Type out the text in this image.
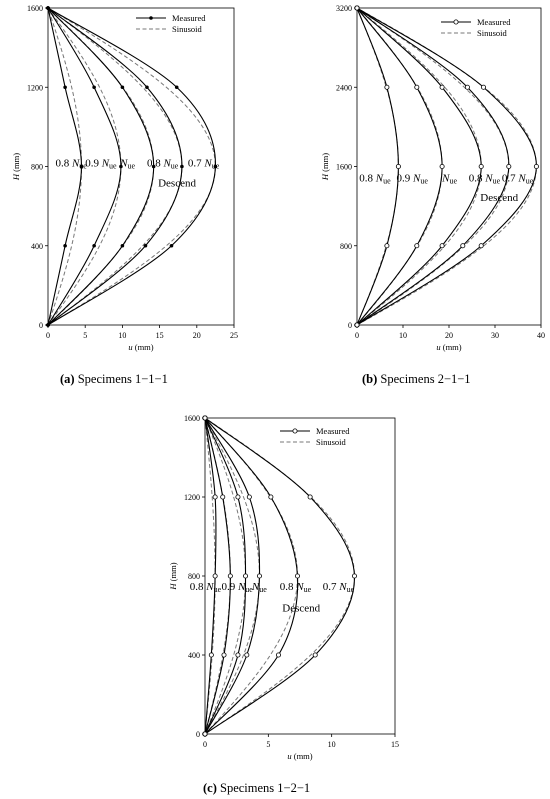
0	5	10	15	20	25
0
400
800
1200
1600
u (mm)
H (mm)	0.8 Nue
0.9 Nue Nue 0.8 Nue 0.7 Nue
Descend
Measured
Sinusoid
0	10	20	30	40
0
800
1600
2400
3200
u (mm)
H (mm)
0.8 Nue 0.9 Nue Nue 0.8 Nue 0.7 Nue
Descend
Measured
Sinusoid
0	5	10	15
0
400
800
1200
1600
u (mm)
H (mm)
0.8 Nue 0.9 Nue
Nue 0.8 Nue 0.7 Nue
Descend
Measured
Sinusoid
(a) Specimens 1−1−1	(b) Specimens 2−1−1
(c) Specimens 1−2−1
